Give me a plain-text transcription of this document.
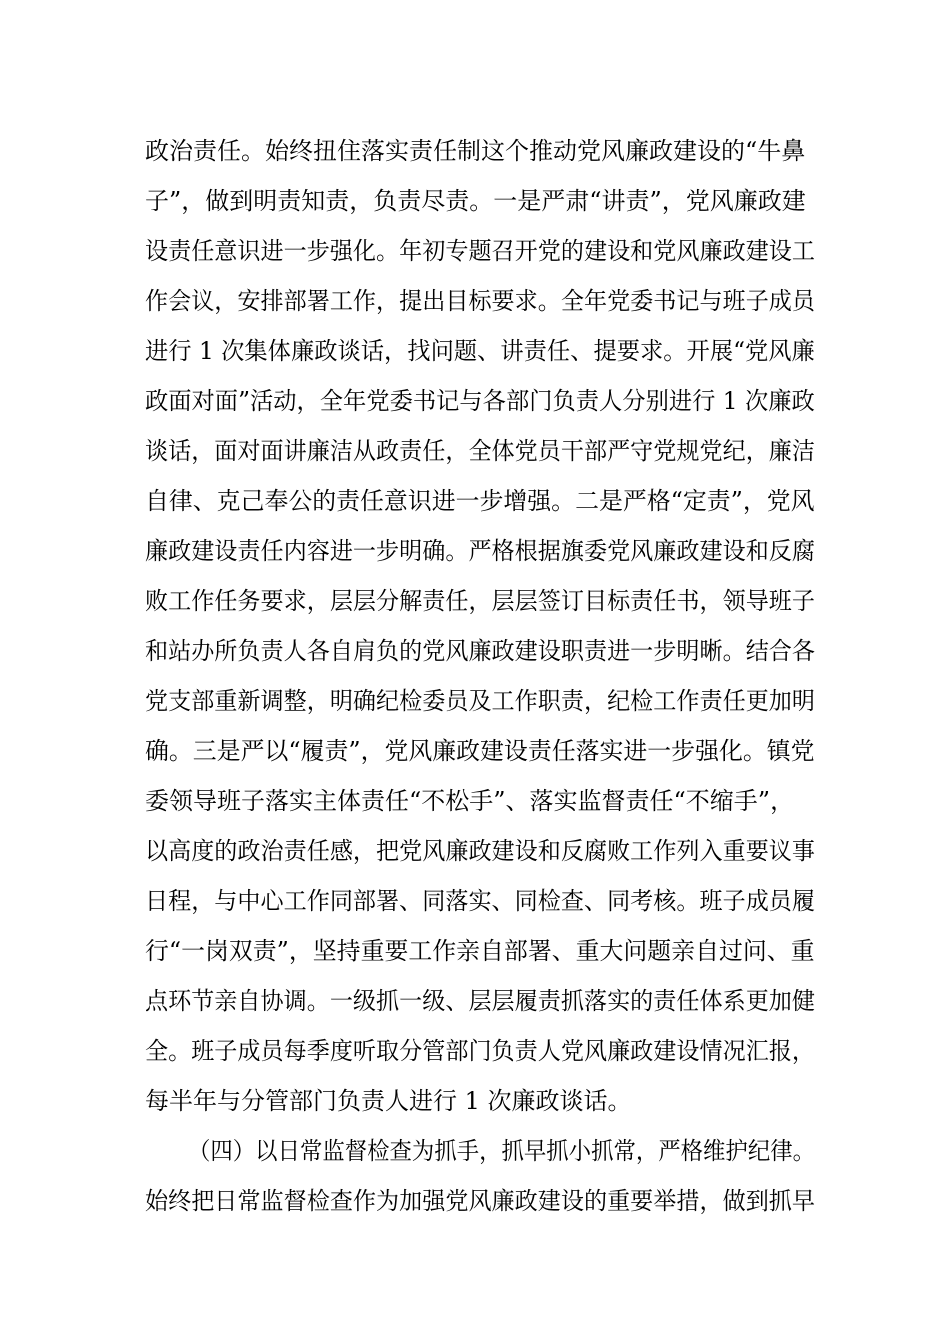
政治责任。始终扭住落实责任制这个推动党风廉政建设的“牛鼻
子”，做到明责知责，负责尽责。一是严肃“讲责”，党风廉政建
设责任意识进一步强化。年初专题召开党的建设和党风廉政建设工
作会议，安排部署工作，提出目标要求。全年党委书记与班子成员
进行 1 次集体廉政谈话，找问题、讲责任、提要求。开展“党风廉
政面对面”活动，全年党委书记与各部门负责人分别进行 1 次廉政
谈话，面对面讲廉洁从政责任，全体党员干部严守党规党纪，廉洁
自律、克己奉公的责任意识进一步增强。二是严格“定责”，党风
廉政建设责任内容进一步明确。严格根据旗委党风廉政建设和反腐
败工作任务要求，层层分解责任，层层签订目标责任书，领导班子
和站办所负责人各自肩负的党风廉政建设职责进一步明晰。结合各
党支部重新调整，明确纪检委员及工作职责，纪检工作责任更加明
确。三是严以“履责”，党风廉政建设责任落实进一步强化。镇党
委领导班子落实主体责任“不松手”、落实监督责任“不缩手”，
以高度的政治责任感，把党风廉政建设和反腐败工作列入重要议事
日程，与中心工作同部署、同落实、同检查、同考核。班子成员履
行“一岗双责”，坚持重要工作亲自部署、重大问题亲自过问、重
点环节亲自协调。一级抓一级、层层履责抓落实的责任体系更加健
全。班子成员每季度听取分管部门负责人党风廉政建设情况汇报，
每半年与分管部门负责人进行 1 次廉政谈话。
（四）以日常监督检查为抓手，抓早抓小抓常，严格维护纪律。
始终把日常监督检查作为加强党风廉政建设的重要举措，做到抓早
